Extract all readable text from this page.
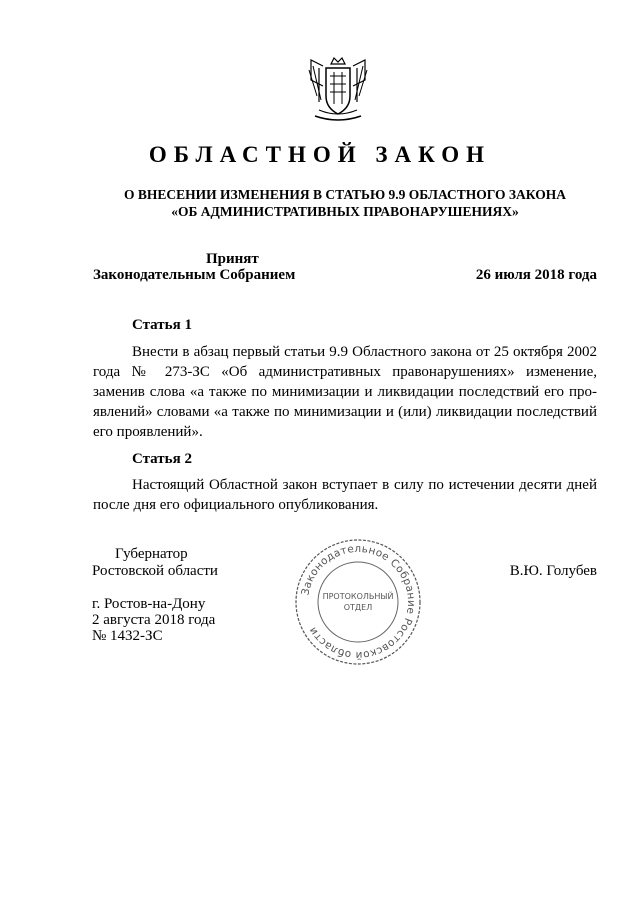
ОБЛАСТНОЙ ЗАКОН
О ВНЕСЕНИИ ИЗМЕНЕНИЯ В СТАТЬЮ 9.9 ОБЛАСТНОГО ЗАКОНА
«ОБ АДМИНИСТРАТИВНЫХ ПРАВОНАРУШЕНИЯХ»
Принят
Законодательным Собранием	26 июля 2018 года
Статья 1
Внести в абзац первый статьи 9.9 Областного закона от 25 октября 2002 года № 273-ЗС «Об административных правонарушениях» изменение, заменив слова «а также по минимизации и ликвидации последствий его про-явлений» словами «а также по минимизации и (или) ликвидации последствий его проявлений».
Статья 2
Настоящий Областной закон вступает в силу по истечении десяти дней после дня его официального опубликования.
Губернатор
Ростовской области	В.Ю. Голубев
г. Ростов-на-Дону
2 августа 2018 года
№ 1432-ЗС
Законодательное Собрание Ростовской области
ПРОТОКОЛЬНЫЙ
ОТДЕЛ
